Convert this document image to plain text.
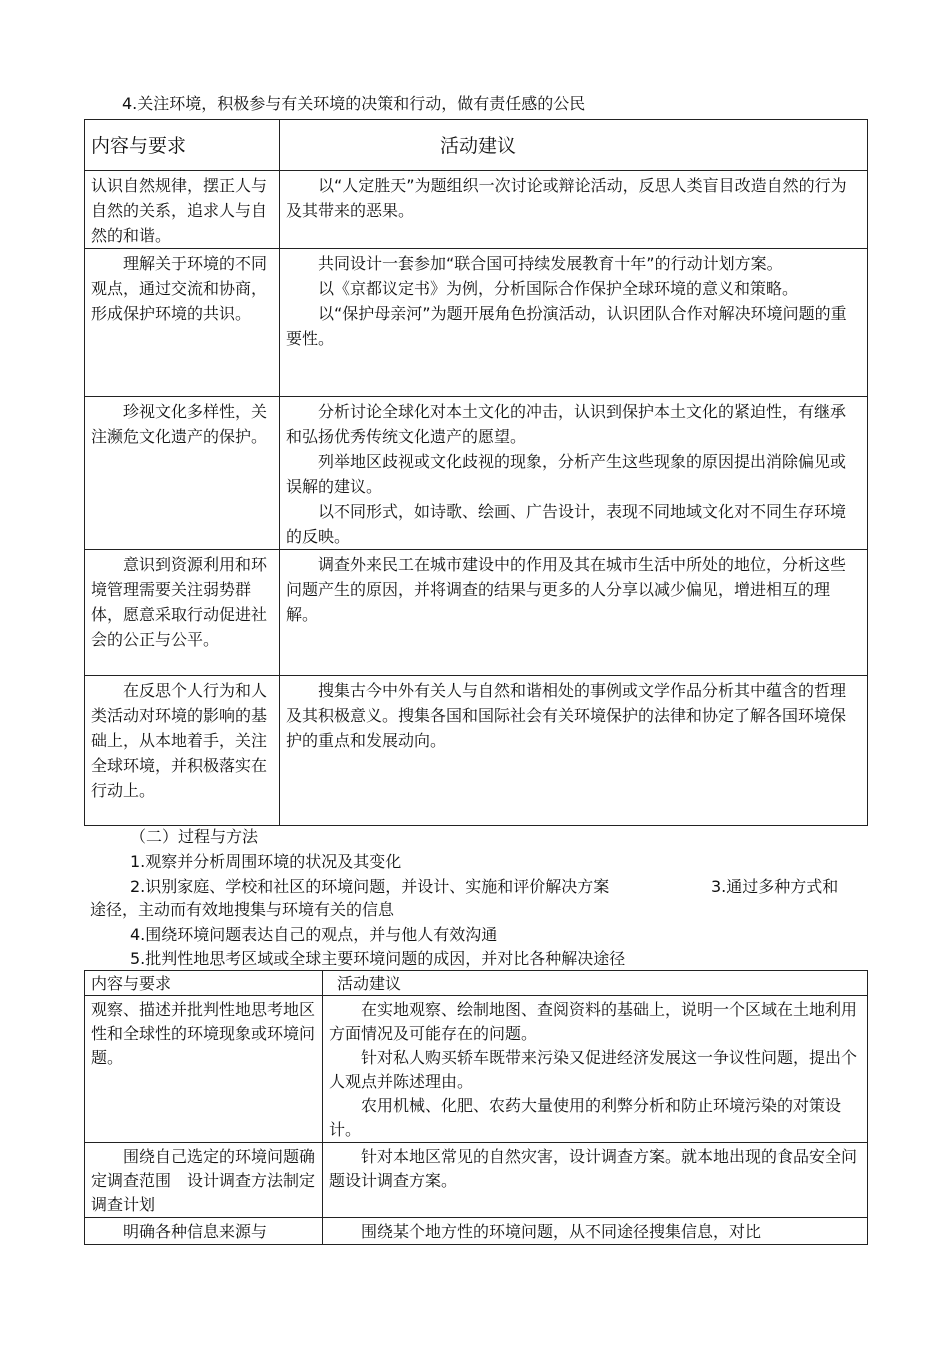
4.关注环境，积极参与有关环境的决策和行动，做有责任感的公民
内容与要求	活动建议

认识自然规律，摆正人与自然的关系，追求人与自然的和谐。	以“人定胜天”为题组织一次讨论或辩论活动，反思人类盲目改造自然的行为及其带来的恶果。

理解关于环境的不同观点，通过交流和协商，形成保护环境的共识。	共同设计一套参加“联合国可持续发展教育十年”的行动计划方案。

以《京都议定书》为例，分析国际合作保护全球环境的意义和策略。

以“保护母亲河”为题开展角色扮演活动，认识团队合作对解决环境问题的重要性。

珍视文化多样性，关注濒危文化遗产的保护。	分析讨论全球化对本土文化的冲击，认识到保护本土文化的紧迫性，有继承和弘扬优秀传统文化遗产的愿望。

列举地区歧视或文化歧视的现象，分析产生这些现象的原因提出消除偏见或误解的建议。

以不同形式，如诗歌、绘画、广告设计，表现不同地域文化对不同生存环境的反映。

意识到资源利用和环境管理需要关注弱势群体，愿意采取行动促进社会的公正与公平。	调查外来民工在城市建设中的作用及其在城市生活中所处的地位，分析这些问题产生的原因，并将调查的结果与更多的人分享以减少偏见，增进相互的理解。

在反思个人行为和人类活动对环境的影响的基础上，从本地着手，关注全球环境，并积极落实在行动上。	搜集古今中外有关人与自然和谐相处的事例或文学作品分析其中蕴含的哲理及其积极意义。搜集各国和国际社会有关环境保护的法律和协定了解各国环境保护的重点和发展动向。

（二）过程与方法
1.观察并分析周围环境的状况及其变化
2.识别家庭、学校和社区的环境问题，并设计、实施和评价解决方案	3.通过多种方式和
途径，主动而有效地搜集与环境有关的信息
4.围绕环境问题表达自己的观点，并与他人有效沟通
5.批判性地思考区域或全球主要环境问题的成因，并对比各种解决途径
内容与要求	活动建议

观察、描述并批判性地思考地区性和全球性的环境现象或环境问题。	在实地观察、绘制地图、查阅资料的基础上，说明一个区域在土地利用方面情况及可能存在的问题。

针对私人购买轿车既带来污染又促进经济发展这一争议性问题，提出个人观点并陈述理由。

农用机械、化肥、农药大量使用的利弊分析和防止环境污染的对策设计。

围绕自己选定的环境问题确定调查范围　设计调查方法制定调查计划	针对本地区常见的自然灾害，设计调查方案。就本地出现的食品安全问题设计调查方案。

明确各种信息来源与	围绕某个地方性的环境问题，从不同途径搜集信息，对比
